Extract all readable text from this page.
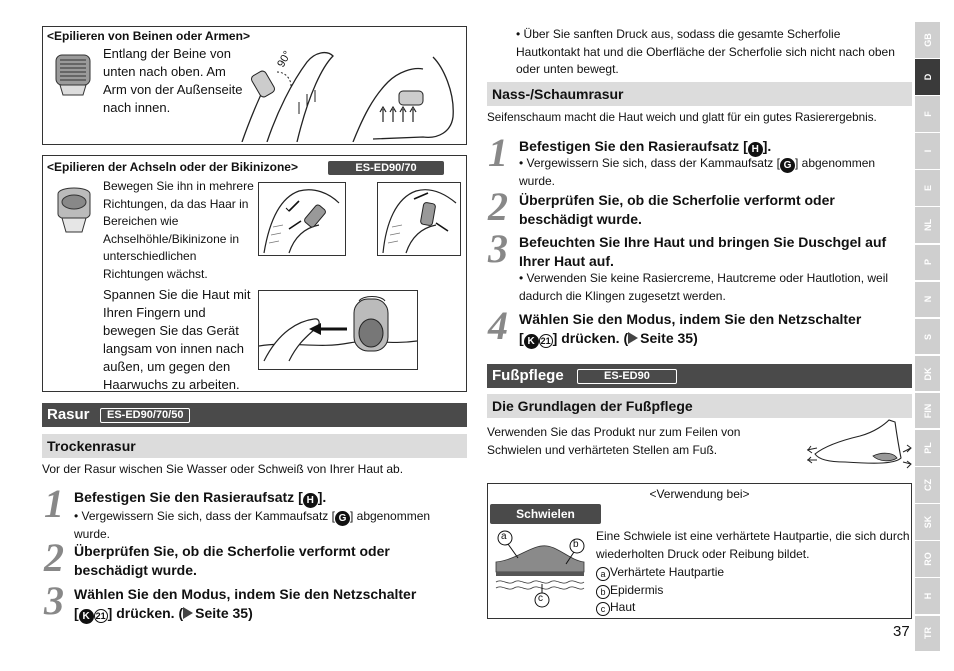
<Epilieren von Beinen oder Armen>
Entlang der Beine von unten nach oben. Am Arm von der Außenseite nach innen.
90°
<Epilieren der Achseln oder der Bikinizone>	ES-ED90/70
Bewegen Sie ihn in mehrere Richtungen, da das Haar in Bereichen wie Achselhöhle/Bikinizone in unterschiedlichen Richtungen wächst.
Spannen Sie die Haut mit Ihren Fingern und bewegen Sie das Gerät langsam von innen nach außen, um gegen den Haarwuchs zu arbeiten.
Rasur	ES-ED90/70/50
Trockenrasur
Vor der Rasur wischen Sie Wasser oder Schweiß von Ihrer Haut ab.
1 Befestigen Sie den Rasieraufsatz [ H ].
• Vergewissern Sie sich, dass der Kammaufsatz [ G ] abgenommen wurde.
2 Überprüfen Sie, ob die Scherfolie verformt oder beschädigt wurde.
3 Wählen Sie den Modus, indem Sie den Netzschalter
[ K 21 ] drücken. ( Seite 35)
• Über Sie sanften Druck aus, sodass die gesamte Scherfolie Hautkontakt hat und die Oberfläche der Scherfolie sich nicht nach oben oder unten bewegt.
Nass-/Schaumrasur
Seifenschaum macht die Haut weich und glatt für ein gutes Rasierergebnis.
1 Befestigen Sie den Rasieraufsatz [ H ].
• Vergewissern Sie sich, dass der Kammaufsatz [ G ] abgenommen wurde.
2 Überprüfen Sie, ob die Scherfolie verformt oder beschädigt wurde.
3 Befeuchten Sie Ihre Haut und bringen Sie Duschgel auf Ihrer Haut auf.
• Verwenden Sie keine Rasiercreme, Hautcreme oder Hautlotion, weil dadurch die Klingen zugesetzt werden.
4 Wählen Sie den Modus, indem Sie den Netzschalter
[ K 21 ] drücken. ( Seite 35)
Fußpflege	ES-ED90
Die Grundlagen der Fußpflege
Verwenden Sie das Produkt nur zum Feilen von Schwielen und verhärteten Stellen am Fuß.
<Verwendung bei>
Schwielen
a
b
c
Eine Schwiele ist eine verhärtete Hautpartie, die sich durch wiederholten Druck oder Reibung bildet.
a Verhärtete Hautpartie
b Epidermis
c Haut
37
GB
D
F
I
E
NL
P
N
S
DK
FIN
PL
CZ
SK
RO
H
TR
